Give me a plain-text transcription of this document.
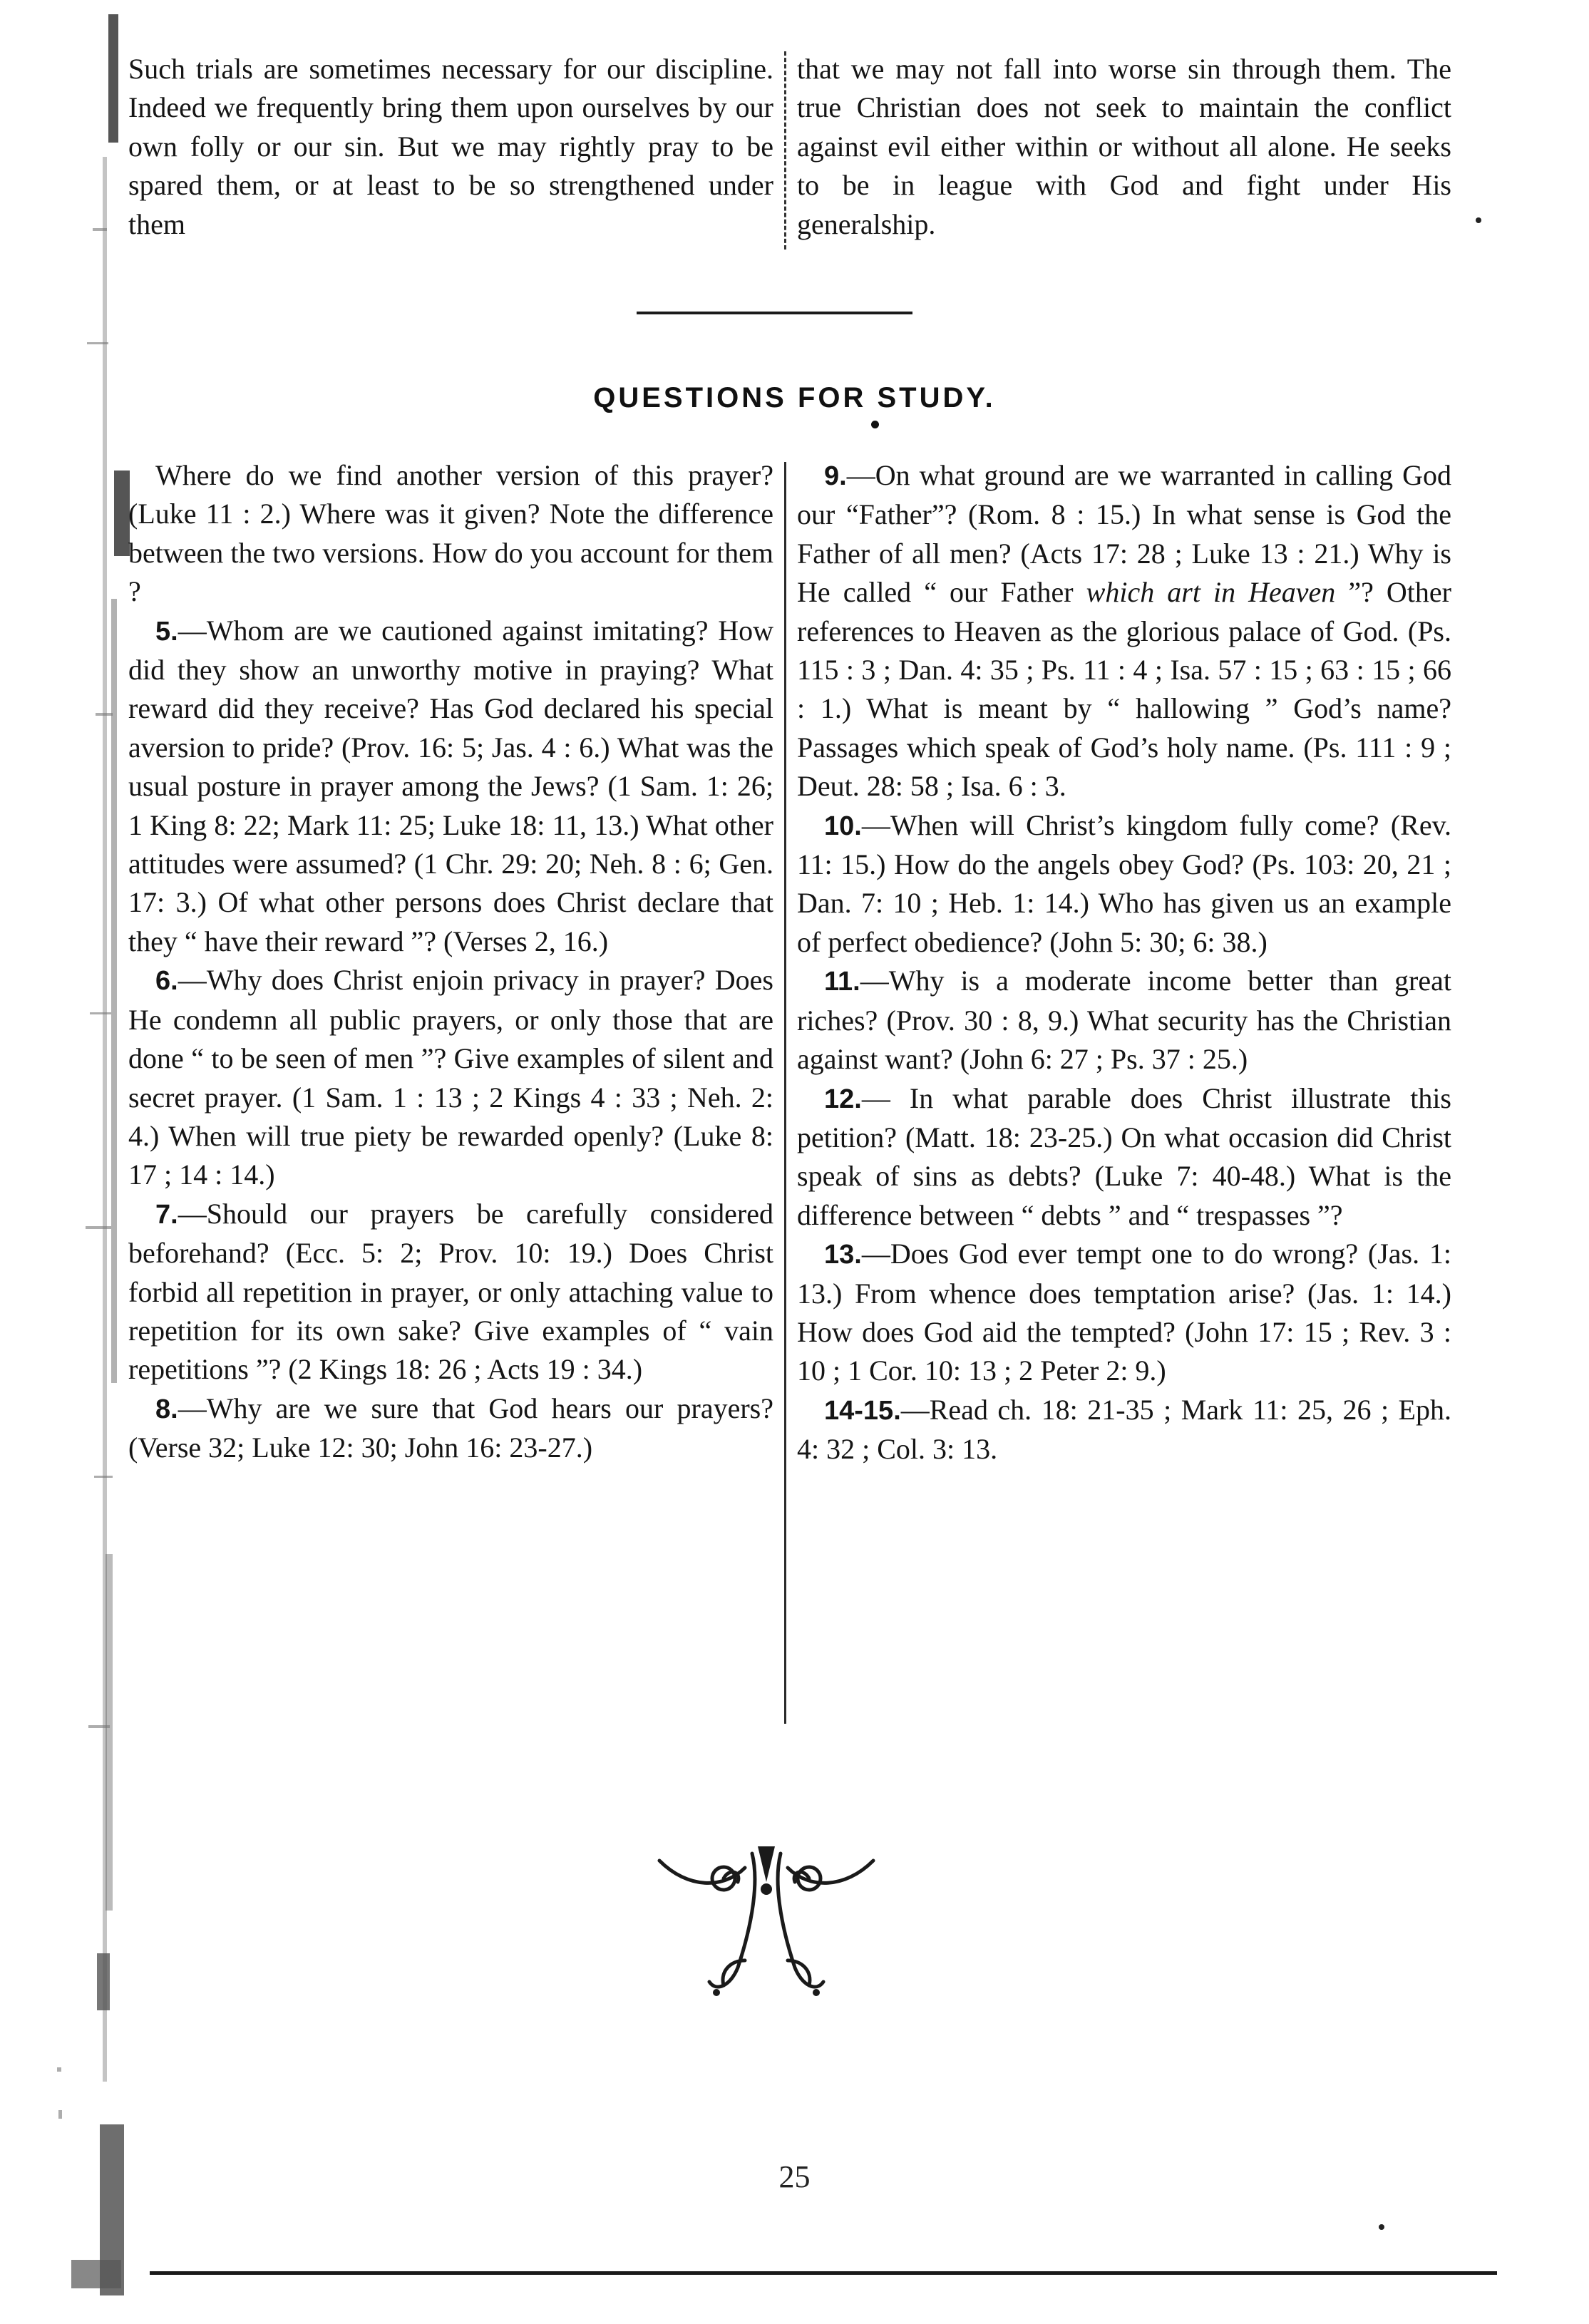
Such trials are sometimes necessary for our discipline. Indeed we frequently bring them upon ourselves by our own folly or our sin. But we may rightly pray to be spared them, or at least to be so strengthened under them

that we may not fall into worse sin through them. The true Christian does not seek to maintain the conflict against evil either within or without all alone. He seeks to be in league with God and fight under His generalship.

QUESTIONS FOR STUDY.

Where do we find another version of this prayer? (Luke 11 : 2.) Where was it given? Note the difference between the two versions. How do you account for them ?

5.—Whom are we cautioned against imitating? How did they show an unworthy motive in praying? What reward did they receive? Has God declared his special aversion to pride? (Prov. 16: 5; Jas. 4 : 6.) What was the usual posture in prayer among the Jews? (1 Sam. 1: 26; 1 King 8: 22; Mark 11: 25; Luke 18: 11, 13.) What other attitudes were assumed? (1 Chr. 29: 20; Neh. 8 : 6; Gen. 17: 3.) Of what other persons does Christ declare that they “ have their reward ”? (Verses 2, 16.)

6.—Why does Christ enjoin privacy in prayer? Does He condemn all public prayers, or only those that are done “ to be seen of men ”? Give examples of silent and secret prayer. (1 Sam. 1 : 13 ; 2 Kings 4 : 33 ; Neh. 2: 4.) When will true piety be rewarded openly? (Luke 8: 17 ; 14 : 14.)

7.—Should our prayers be carefully considered beforehand? (Ecc. 5: 2; Prov. 10: 19.) Does Christ forbid all repetition in prayer, or only attaching value to repetition for its own sake? Give examples of “ vain repetitions ”? (2 Kings 18: 26 ; Acts 19 : 34.)

8.—Why are we sure that God hears our prayers? (Verse 32; Luke 12: 30; John 16: 23-27.)

9.—On what ground are we warranted in calling God our “Father”? (Rom. 8 : 15.) In what sense is God the Father of all men? (Acts 17: 28 ; Luke 13 : 21.) Why is He called “ our Father which art in Heaven ”? Other references to Heaven as the glorious palace of God. (Ps. 115 : 3 ; Dan. 4: 35 ; Ps. 11 : 4 ; Isa. 57 : 15 ; 63 : 15 ; 66 : 1.) What is meant by “ hallowing ” God’s name? Passages which speak of God’s holy name. (Ps. 111 : 9 ; Deut. 28: 58 ; Isa. 6 : 3.

10.—When will Christ’s kingdom fully come? (Rev. 11: 15.) How do the angels obey God? (Ps. 103: 20, 21 ; Dan. 7: 10 ; Heb. 1: 14.) Who has given us an example of perfect obedience? (John 5: 30; 6: 38.)

11.—Why is a moderate income better than great riches? (Prov. 30 : 8, 9.) What security has the Christian against want? (John 6: 27 ; Ps. 37 : 25.)

12.— In what parable does Christ illustrate this petition? (Matt. 18: 23-25.) On what occasion did Christ speak of sins as debts? (Luke 7: 40-48.) What is the difference between “ debts ” and “ trespasses ”?

13.—Does God ever tempt one to do wrong? (Jas. 1: 13.) From whence does temptation arise? (Jas. 1: 14.) How does God aid the tempted? (John 17: 15 ; Rev. 3 : 10 ; 1 Cor. 10: 13 ; 2 Peter 2: 9.)

14-15.—Read ch. 18: 21-35 ; Mark 11: 25, 26 ; Eph. 4: 32 ; Col. 3: 13.

25
